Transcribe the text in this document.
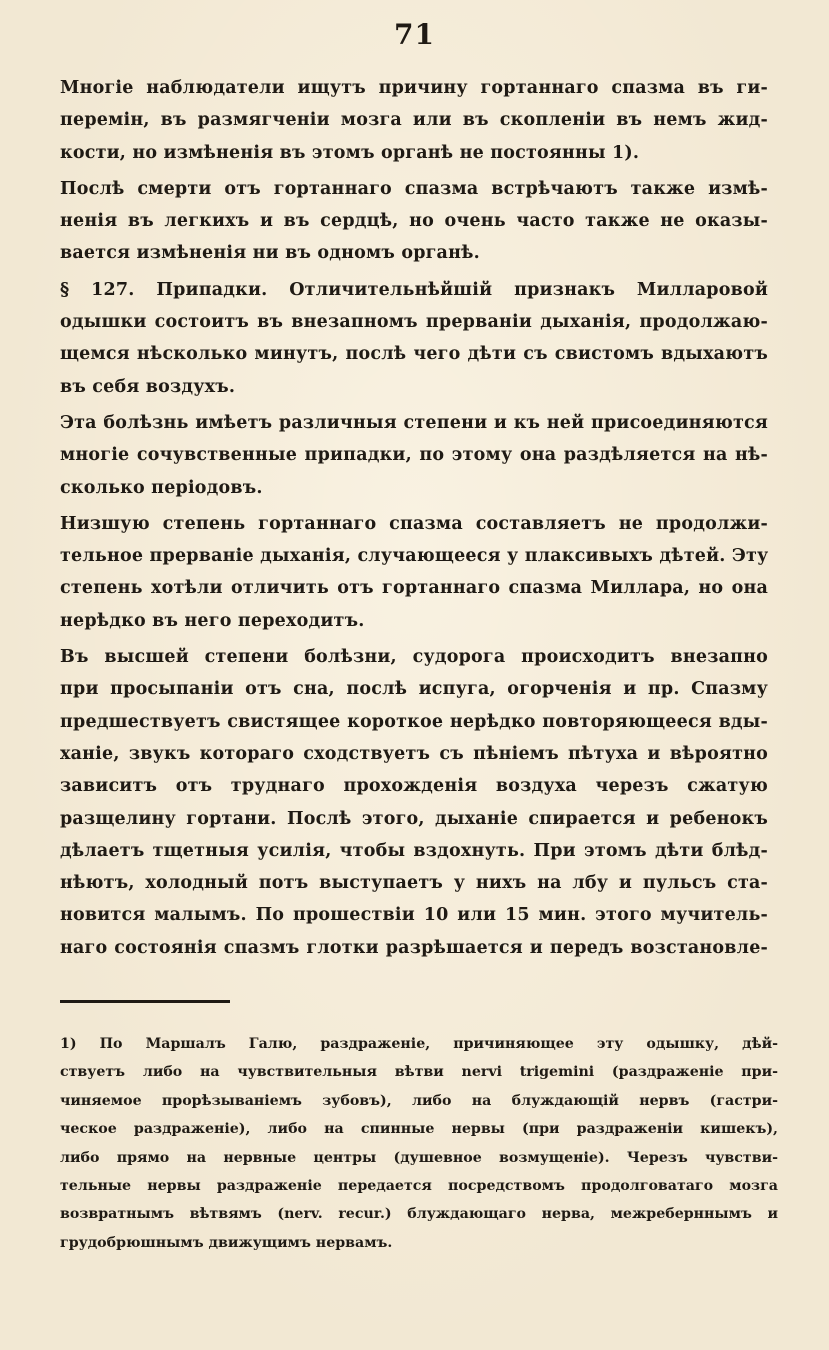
71
Многіе наблюдатели ищутъ причину гортаннаго спазма въ ги-
перемін, въ размягченіи мозга или въ скопленіи въ немъ жид-
кости, но измѣненія въ этомъ органѣ не постоянны 1).
Послѣ смерти отъ гортаннаго спазма встрѣчаютъ также измѣ-
ненія въ легкихъ и въ сердцѣ, но очень часто также не оказы-
вается измѣненія ни въ одномъ органѣ.
§ 127. Припадки. Отличительнѣйшій признакъ Милларовой
одышки состоитъ въ внезапномъ прерваніи дыханія, продолжаю-
щемся нѣсколько минутъ, послѣ чего дѣти съ свистомъ вдыхаютъ
въ себя воздухъ.
Эта болѣзнь имѣетъ различныя степени и къ ней присоединяются
многіе сочувственные припадки, по этому она раздѣляется на нѣ-
сколько періодовъ.
Низшую степень гортаннаго спазма составляетъ не продолжи-
тельное прерваніе дыханія, случающееся у плаксивыхъ дѣтей. Эту
степень хотѣли отличить отъ гортаннаго спазма Миллара, но она
нерѣдко въ него переходитъ.
Въ высшей степени болѣзни, судорога происходитъ внезапно
при просыпаніи отъ сна, послѣ испуга, огорченія и пр. Спазму
предшествуетъ свистящее короткое нерѣдко повторяющееся вды-
ханіе, звукъ котораго сходствуетъ съ пѣніемъ пѣтуха и вѣроятно
зависитъ отъ труднаго прохожденія воздуха черезъ сжатую
разщелину гортани. Послѣ этого, дыханіе спирается и ребенокъ
дѣлаетъ тщетныя усилія, чтобы вздохнуть. При этомъ дѣти блѣд-
нѣютъ, холодный потъ выступаетъ у нихъ на лбу и пульсъ ста-
новится малымъ. По прошествіи 10 или 15 мин. этого мучитель-
наго состоянія спазмъ глотки разрѣшается и передъ возстановле-
1) По Маршалъ Галю, раздраженіе, причиняющее эту одышку, дѣй-
ствуетъ либо на чувствительныя вѣтви nervi trigemini (раздраженіе при-
чиняемое прорѣзываніемъ зубовъ), либо на блуждающій нервъ (гастри-
ческое раздраженіе), либо на спинные нервы (при раздраженіи кишекъ),
либо прямо на нервные центры (душевное возмущеніе). Черезъ чувстви-
тельные нервы раздраженіе передается посредствомъ продолговатаго мозга
возвратнымъ вѣтвямъ (nerv. recur.) блуждающаго нерва, межреберннымъ и
грудобрюшнымъ движущимъ нервамъ.
